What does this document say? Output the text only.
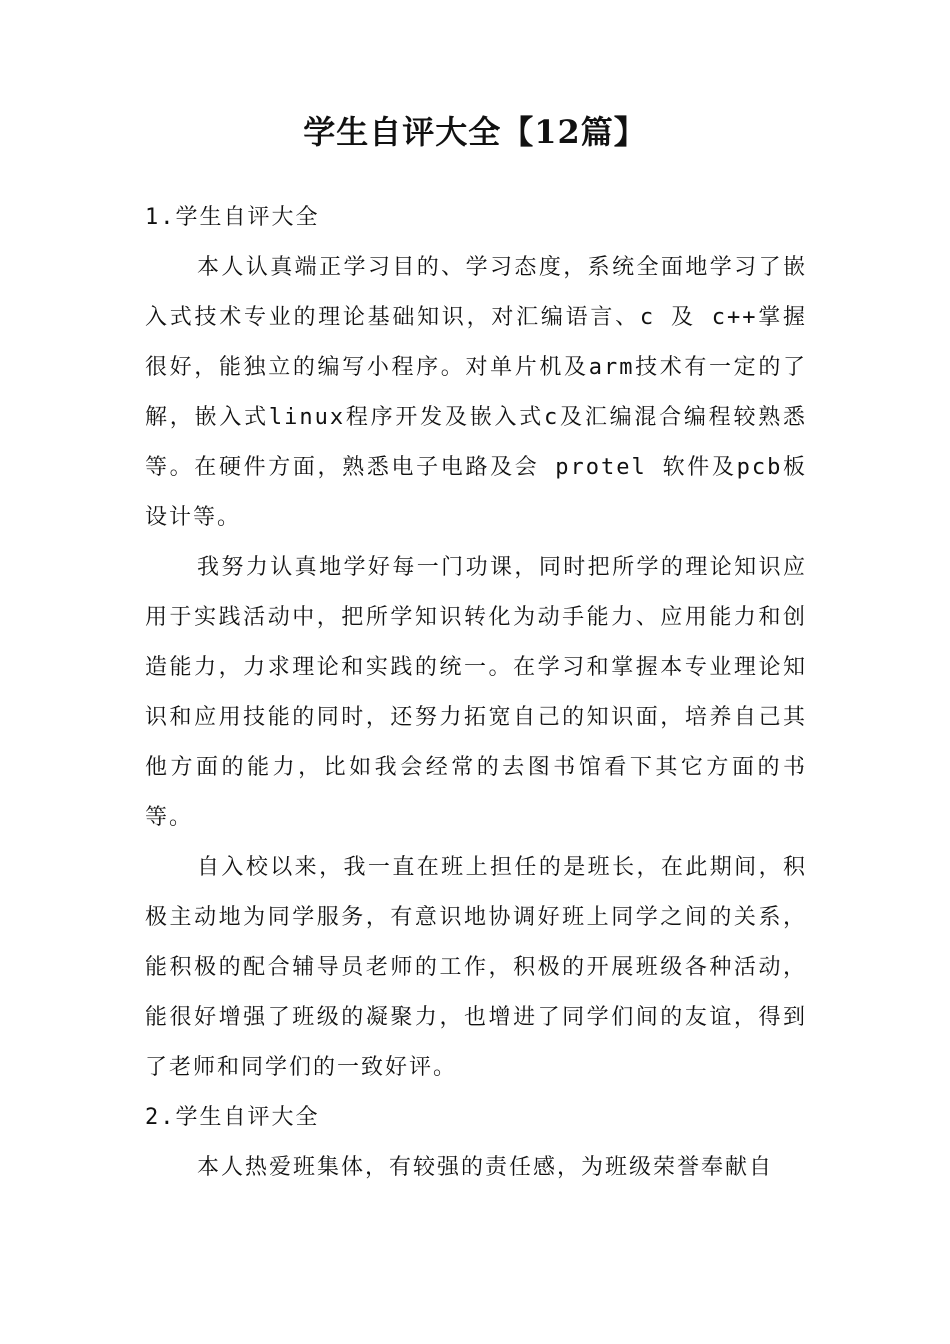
学生自评大全【12篇】
1.学生自评大全

本人认真端正学习目的、学习态度，系统全面地学习了嵌入式技术专业的理论基础知识，对汇编语言、c 及 c++掌握很好，能独立的编写小程序。对单片机及arm技术有一定的了解，嵌入式linux程序开发及嵌入式c及汇编混合编程较熟悉等。在硬件方面，熟悉电子电路及会 protel 软件及pcb板设计等。

我努力认真地学好每一门功课，同时把所学的理论知识应用于实践活动中，把所学知识转化为动手能力、应用能力和创造能力，力求理论和实践的统一。在学习和掌握本专业理论知识和应用技能的同时，还努力拓宽自己的知识面，培养自己其他方面的能力，比如我会经常的去图书馆看下其它方面的书等。

自入校以来，我一直在班上担任的是班长，在此期间，积极主动地为同学服务，有意识地协调好班上同学之间的关系，能积极的配合辅导员老师的工作，积极的开展班级各种活动，能很好增强了班级的凝聚力，也增进了同学们间的友谊，得到了老师和同学们的一致好评。

2.学生自评大全

本人热爱班集体，有较强的责任感，为班级荣誉奉献自
